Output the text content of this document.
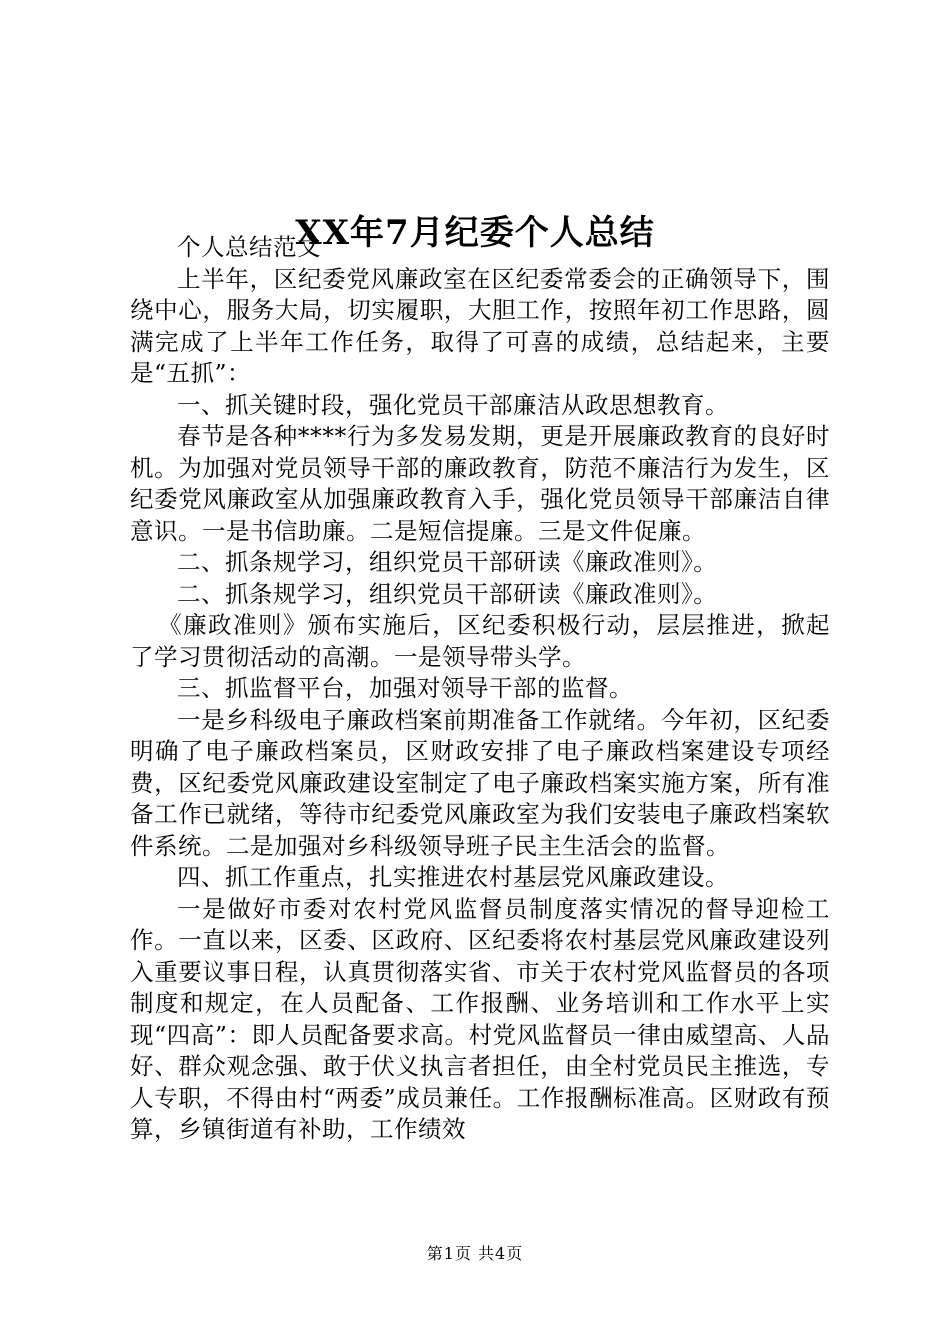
XX年7月纪委个人总结

个人总结范文

上半年，区纪委党风廉政室在区纪委常委会的正确领导下，围绕中心，服务大局，切实履职，大胆工作，按照年初工作思路，圆满完成了上半年工作任务，取得了可喜的成绩，总结起来，主要是“五抓”：

一、抓关键时段，强化党员干部廉洁从政思想教育。

春节是各种****行为多发易发期，更是开展廉政教育的良好时机。为加强对党员领导干部的廉政教育，防范不廉洁行为发生，区纪委党风廉政室从加强廉政教育入手，强化党员领导干部廉洁自律意识。一是书信助廉。二是短信提廉。三是文件促廉。

二、抓条规学习，组织党员干部研读《廉政准则》。

二、抓条规学习，组织党员干部研读《廉政准则》。

《廉政准则》颁布实施后，区纪委积极行动，层层推进，掀起了学习贯彻活动的高潮。一是领导带头学。

三、抓监督平台，加强对领导干部的监督。

一是乡科级电子廉政档案前期准备工作就绪。今年初，区纪委明确了电子廉政档案员，区财政安排了电子廉政档案建设专项经费，区纪委党风廉政建设室制定了电子廉政档案实施方案，所有准备工作已就绪，等待市纪委党风廉政室为我们安装电子廉政档案软件系统。二是加强对乡科级领导班子民主生活会的监督。

四、抓工作重点，扎实推进农村基层党风廉政建设。

一是做好市委对农村党风监督员制度落实情况的督导迎检工作。一直以来，区委、区政府、区纪委将农村基层党风廉政建设列入重要议事日程，认真贯彻落实省、市关于农村党风监督员的各项制度和规定，在人员配备、工作报酬、业务培训和工作水平上实现“四高”：即人员配备要求高。村党风监督员一律由威望高、人品好、群众观念强、敢于伏义执言者担任，由全村党员民主推选，专人专职，不得由村“两委”成员兼任。工作报酬标准高。区财政有预算，乡镇街道有补助，工作绩效

第1页 共4页
